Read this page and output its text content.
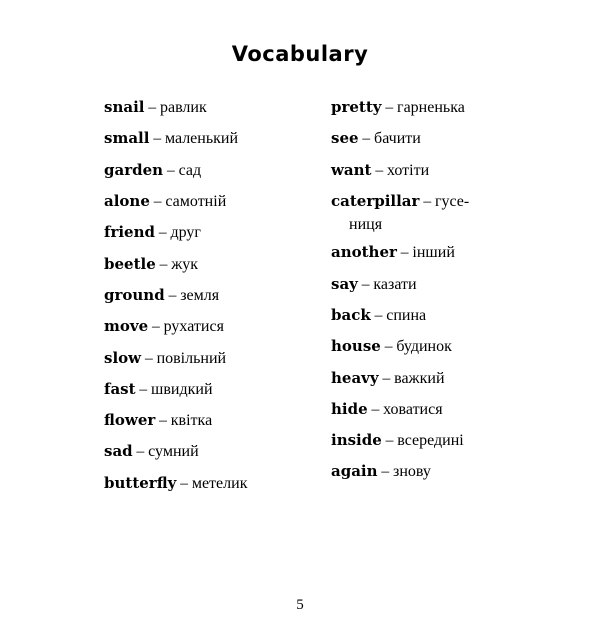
Vocabulary
snail – равлик
small – маленький
garden – сад
alone – самотній
friend – друг
beetle – жук
ground – земля
move – рухатися
slow – повільний
fast – швидкий
flower – квітка
sad – сумний
butterfly – метелик
pretty – гарненька
see – бачити
want – хотіти
caterpillar – гусе-
ниця
another – інший
say – казати
back – спина
house – будинок
heavy – важкий
hide – ховатися
inside – всередині
again – знову
5
